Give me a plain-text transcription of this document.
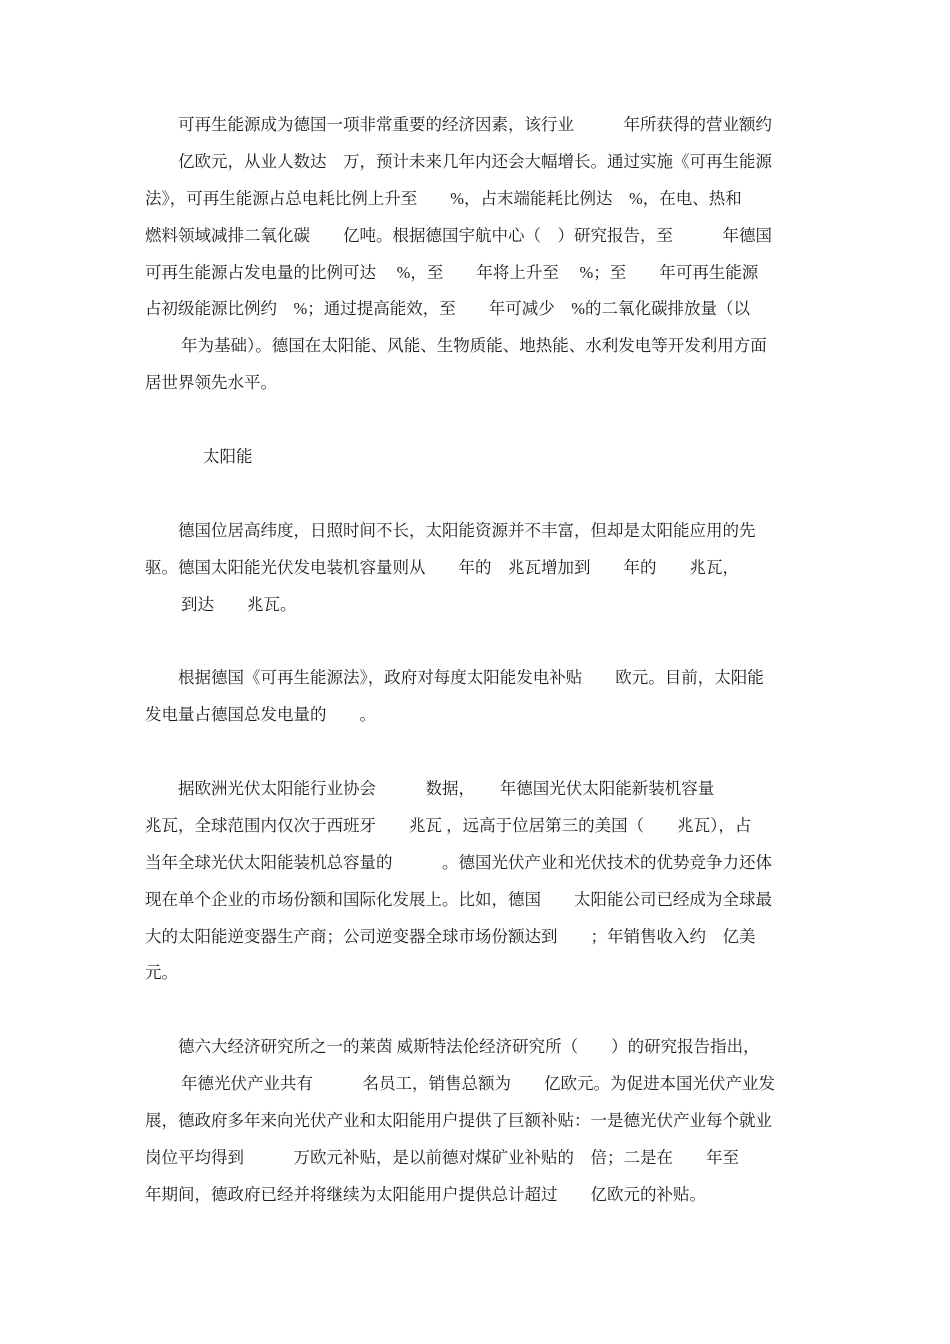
可再生能源成为德国一项非常重要的经济因素，该行业　　　年所获得的营业额约
亿欧元，从业人数达　万，预计未来几年内还会大幅增长。通过实施《可再生能源
法》，可再生能源占总电耗比例上升至　　%，占末端能耗比例达　%，在电、热和
燃料领域减排二氧化碳　　亿吨。根据德国宇航中心（　）研究报告，至　　　年德国
可再生能源占发电量的比例可达　 %，至　　年将上升至　 %；至　　年可再生能源
占初级能源比例约　%；通过提高能效，至　　年可减少　%的二氧化碳排放量（以
年为基础）。德国在太阳能、风能、生物质能、地热能、水利发电等开发利用方面
居世界领先水平。
太阳能
德国位居高纬度，日照时间不长，太阳能资源并不丰富，但却是太阳能应用的先
驱。德国太阳能光伏发电装机容量则从　　年的　兆瓦增加到　　年的　　兆瓦，
到达　　兆瓦。
根据德国《可再生能源法》，政府对每度太阳能发电补贴　　欧元。目前，太阳能
发电量占德国总发电量的　　。
据欧洲光伏太阳能行业协会　　　数据，　　年德国光伏太阳能新装机容量
兆瓦，全球范围内仅次于西班牙　　兆瓦 ，远高于位居第三的美国（　　兆瓦），占
当年全球光伏太阳能装机总容量的　　　。德国光伏产业和光伏技术的优势竞争力还体
现在单个企业的市场份额和国际化发展上。比如，德国　　太阳能公司已经成为全球最
大的太阳能逆变器生产商；公司逆变器全球市场份额达到　　；年销售收入约　亿美
元。
德六大经济研究所之一的莱茵 威斯特法伦经济研究所（　　）的研究报告指出，
年德光伏产业共有　　　名员工，销售总额为　　亿欧元。为促进本国光伏产业发
展，德政府多年来向光伏产业和太阳能用户提供了巨额补贴：一是德光伏产业每个就业
岗位平均得到　　　万欧元补贴，是以前德对煤矿业补贴的　倍；二是在　　年至
年期间，德政府已经并将继续为太阳能用户提供总计超过　　亿欧元的补贴。
